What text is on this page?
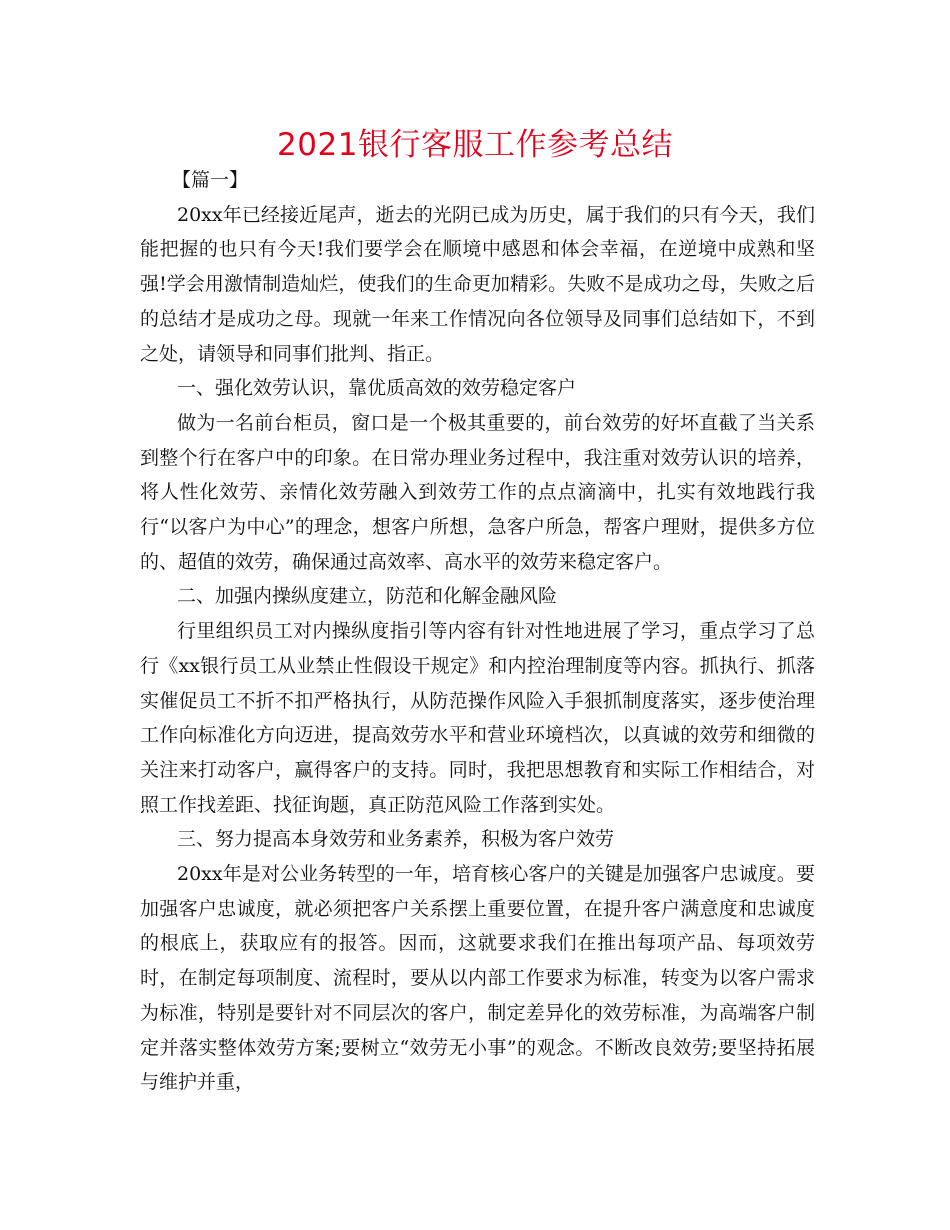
2021银行客服工作参考总结

【篇一】

20xx年已经接近尾声，逝去的光阴已成为历史，属于我们的只有今天，我们能把握的也只有今天!我们要学会在顺境中感恩和体会幸福，在逆境中成熟和坚强!学会用激情制造灿烂，使我们的生命更加精彩。失败不是成功之母，失败之后的总结才是成功之母。现就一年来工作情况向各位领导及同事们总结如下，不到之处，请领导和同事们批判、指正。

一、强化效劳认识，靠优质高效的效劳稳定客户

做为一名前台柜员，窗口是一个极其重要的，前台效劳的好坏直截了当关系到整个行在客户中的印象。在日常办理业务过程中，我注重对效劳认识的培养，将人性化效劳、亲情化效劳融入到效劳工作的点点滴滴中，扎实有效地践行我行“以客户为中心”的理念，想客户所想，急客户所急，帮客户理财，提供多方位的、超值的效劳，确保通过高效率、高水平的效劳来稳定客户。

二、加强内操纵度建立，防范和化解金融风险

行里组织员工对内操纵度指引等内容有针对性地进展了学习，重点学习了总行《xx银行员工从业禁止性假设干规定》和内控治理制度等内容。抓执行、抓落实催促员工不折不扣严格执行，从防范操作风险入手狠抓制度落实，逐步使治理工作向标准化方向迈进，提高效劳水平和营业环境档次，以真诚的效劳和细微的关注来打动客户，赢得客户的支持。同时，我把思想教育和实际工作相结合，对照工作找差距、找征询题，真正防范风险工作落到实处。

三、努力提高本身效劳和业务素养，积极为客户效劳

20xx年是对公业务转型的一年，培育核心客户的关键是加强客户忠诚度。要加强客户忠诚度，就必须把客户关系摆上重要位置，在提升客户满意度和忠诚度的根底上，获取应有的报答。因而，这就要求我们在推出每项产品、每项效劳时，在制定每项制度、流程时，要从以内部工作要求为标准，转变为以客户需求为标准，特别是要针对不同层次的客户，制定差异化的效劳标准，为高端客户制定并落实整体效劳方案;要树立“效劳无小事”的观念。不断改良效劳;要坚持拓展与维护并重，
